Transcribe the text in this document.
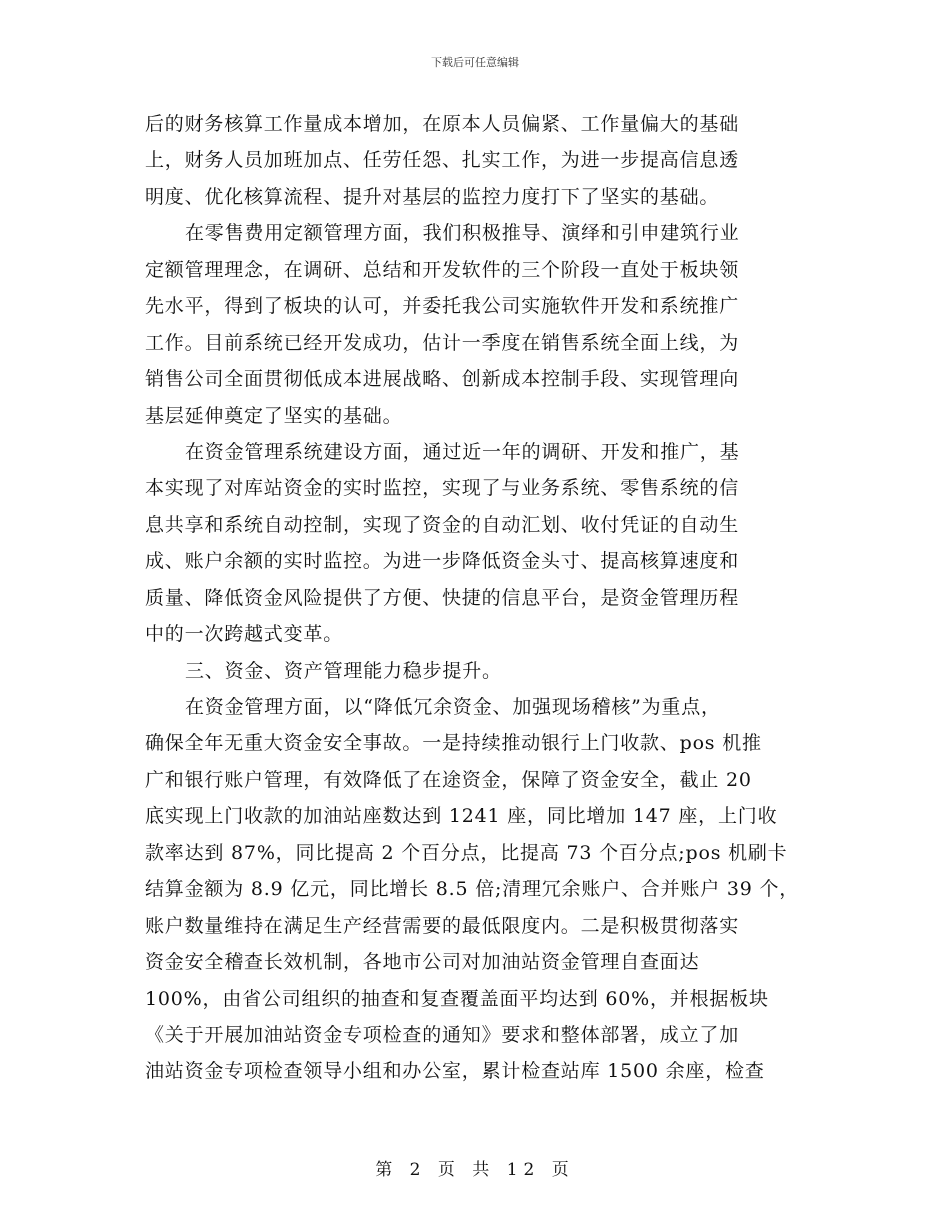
下载后可任意编辑
后的财务核算工作量成本增加，在原本人员偏紧、工作量偏大的基础
上，财务人员加班加点、任劳任怨、扎实工作，为进一步提高信息透
明度、优化核算流程、提升对基层的监控力度打下了坚实的基础。
在零售费用定额管理方面，我们积极推导、演绎和引申建筑行业
定额管理理念，在调研、总结和开发软件的三个阶段一直处于板块领
先水平，得到了板块的认可，并委托我公司实施软件开发和系统推广
工作。目前系统已经开发成功，估计一季度在销售系统全面上线，为
销售公司全面贯彻低成本进展战略、创新成本控制手段、实现管理向
基层延伸奠定了坚实的基础。
在资金管理系统建设方面，通过近一年的调研、开发和推广，基
本实现了对库站资金的实时监控，实现了与业务系统、零售系统的信
息共享和系统自动控制，实现了资金的自动汇划、收付凭证的自动生
成、账户余额的实时监控。为进一步降低资金头寸、提高核算速度和
质量、降低资金风险提供了方便、快捷的信息平台，是资金管理历程
中的一次跨越式变革。
三、资金、资产管理能力稳步提升。
在资金管理方面，以“降低冗余资金、加强现场稽核”为重点，
确保全年无重大资金安全事故。一是持续推动银行上门收款、pos 机推
广和银行账户管理，有效降低了在途资金，保障了资金安全，截止 20
底实现上门收款的加油站座数达到 1241 座，同比增加 147 座，上门收
款率达到 87%，同比提高 2 个百分点，比提高 73 个百分点;pos 机刷卡
结算金额为 8.9 亿元，同比增长 8.5 倍;清理冗余账户、合并账户 39 个，
账户数量维持在满足生产经营需要的最低限度内。二是积极贯彻落实
资金安全稽查长效机制，各地市公司对加油站资金管理自查面达
100%，由省公司组织的抽查和复查覆盖面平均达到 60%，并根据板块
《关于开展加油站资金专项检查的通知》要求和整体部署，成立了加
油站资金专项检查领导小组和办公室，累计检查站库 1500 余座，检查
第 2 页 共 12 页
